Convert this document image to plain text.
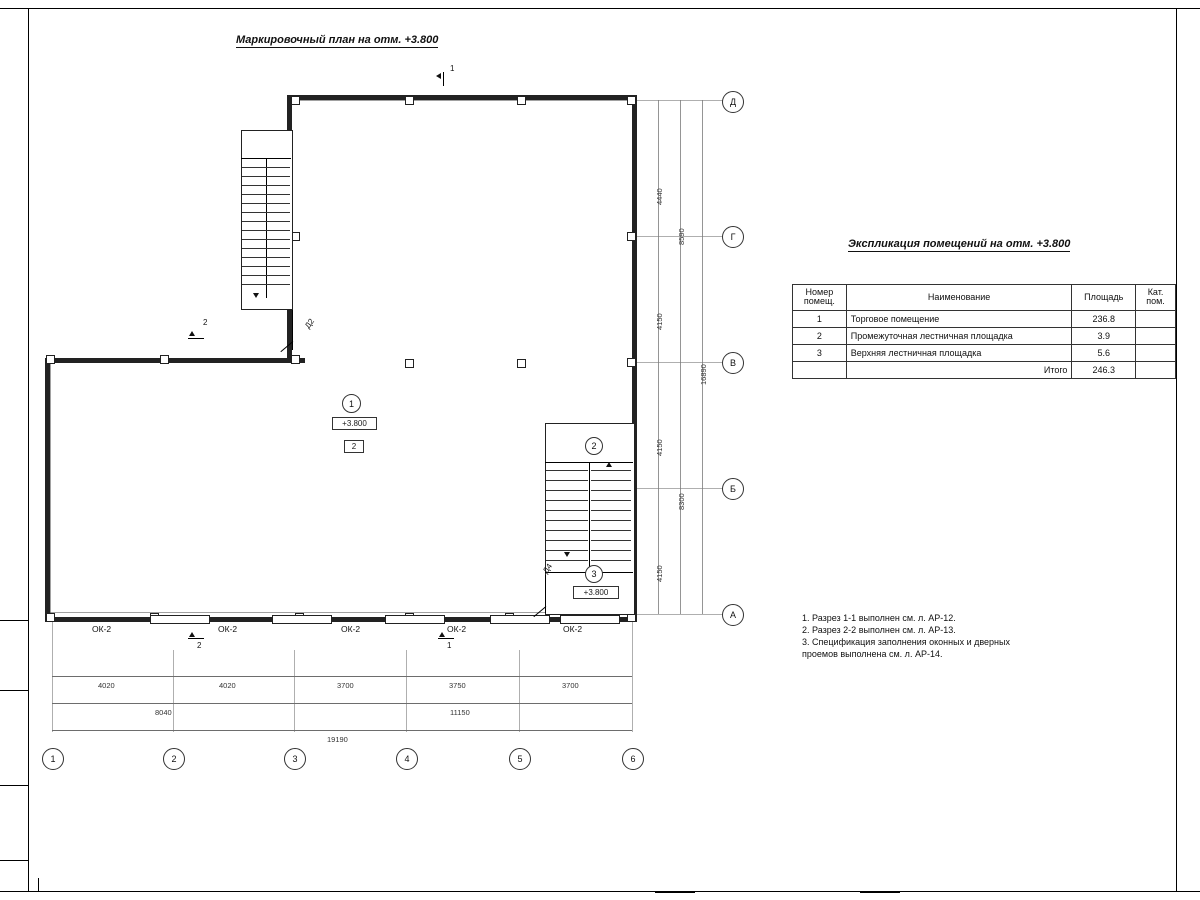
Маркировочный план на отм. +3.800
ОК-2	ОК-2	ОК-2	ОК-2	ОК-2
Д2
Д4
1
+3.800
2	2
3
+3.800
1
2
2	1
4440
4150
4150
4150
8590
8300
16890
Д
Г
В
Б
А
4020	4020	3700	3750	3700
8040	11150
19190
1	2	3	4	5	6
Экспликация помещений на отм. +3.800
Номер
помещ.	Наименование	Площадь	Кат.
пом.
1	Торговое помещение	236.8	
2	Промежуточная лестничная площадка	3.9	
3	Верхняя лестничная площадка	5.6	
	Итого	246.3	
1. Разрез 1-1 выполнен см. л. АР-12.
2. Разрез 2-2 выполнен см. л. АР-13.
3. Спецификация заполнения оконных и дверных
проемов выполнена см. л. АР-14.
